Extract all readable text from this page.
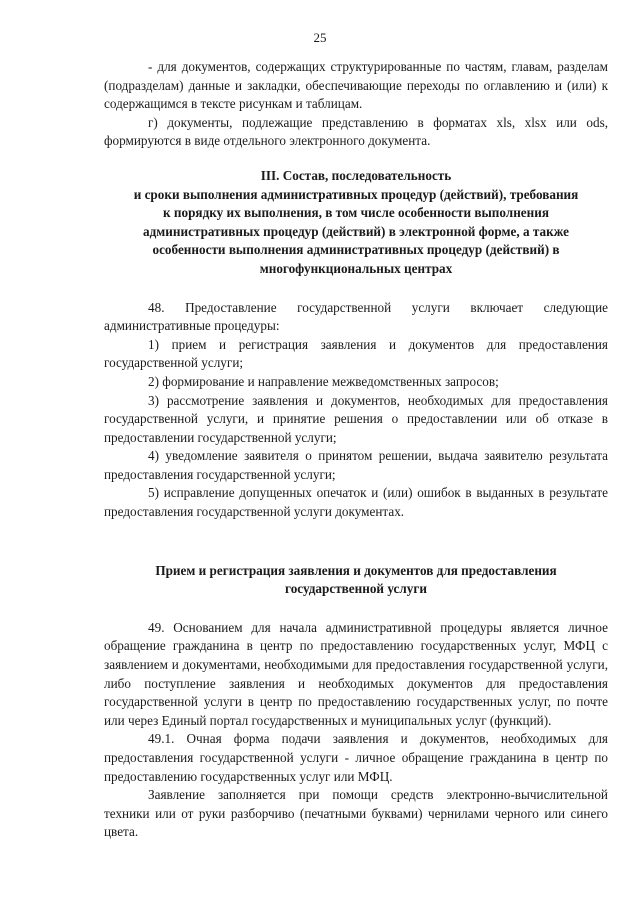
25

- для документов, содержащих структурированные по частям, главам, разделам (подразделам) данные и закладки, обеспечивающие переходы по оглавлению и (или) к содержащимся в тексте рисункам и таблицам.

г) документы, подлежащие представлению в форматах xls, xlsx или ods, формируются в виде отдельного электронного документа.

III. Состав, последовательность
и сроки выполнения административных процедур (действий), требования
к порядку их выполнения, в том числе особенности выполнения
административных процедур (действий) в электронной форме, а также
особенности выполнения административных процедур (действий) в
многофункциональных центрах

48. Предоставление государственной услуги включает следующие административные процедуры:

1) прием и регистрация заявления и документов для предоставления государственной услуги;

2) формирование и направление межведомственных запросов;

3) рассмотрение заявления и документов, необходимых для предоставления государственной услуги, и принятие решения о предоставлении или об отказе в предоставлении государственной услуги;

4) уведомление заявителя о принятом решении, выдача заявителю результата предоставления государственной услуги;

5) исправление допущенных опечаток и (или) ошибок в выданных в результате предоставления государственной услуги документах.

Прием и регистрация заявления и документов для предоставления
государственной услуги

49. Основанием для начала административной процедуры является личное обращение гражданина в центр по предоставлению государственных услуг, МФЦ с заявлением и документами, необходимыми для предоставления государственной услуги, либо поступление заявления и необходимых документов для предоставления государственной услуги в центр по предоставлению государственных услуг, по почте или через Единый портал государственных и муниципальных услуг (функций).

49.1. Очная форма подачи заявления и документов, необходимых для предоставления государственной услуги - личное обращение гражданина в центр по предоставлению государственных услуг или МФЦ.

Заявление заполняется при помощи средств электронно-вычислительной техники или от руки разборчиво (печатными буквами) чернилами черного или синего цвета.
